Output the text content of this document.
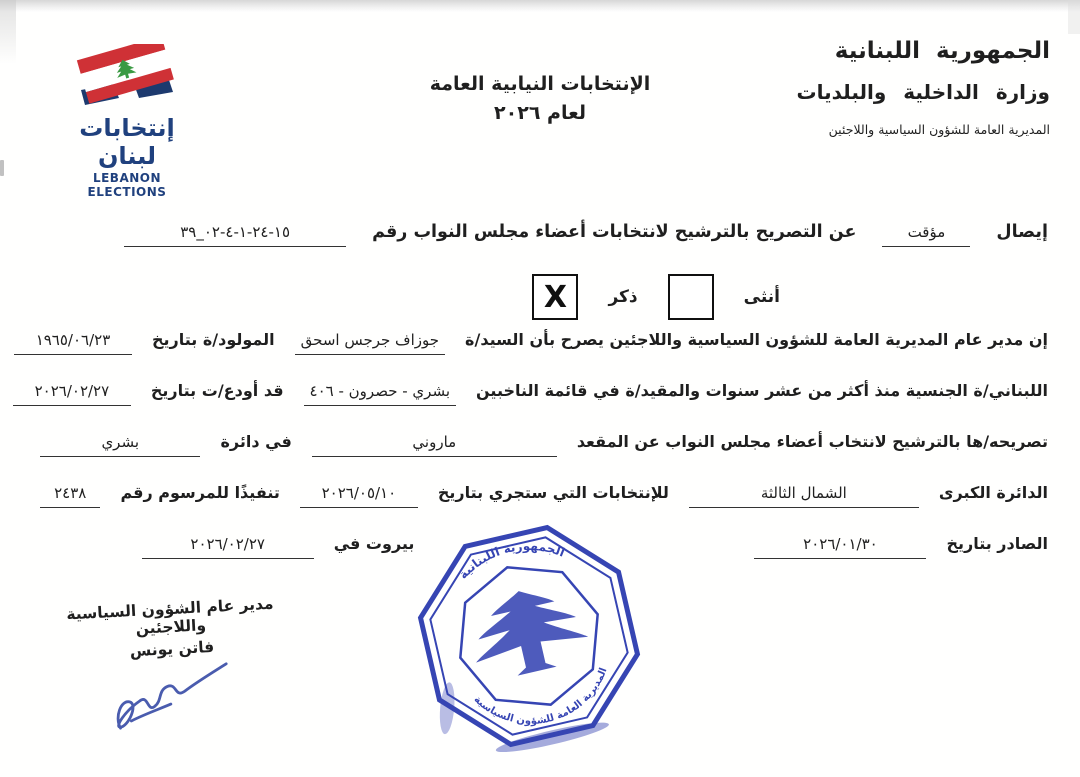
الجمهورية اللبنانية
وزارة الداخلية والبلديات
المديرية العامة للشؤون السياسية واللاجئين
الإنتخابات النيابية العامة
لعام ٢٠٢٦
إنتخابات لبنان
LEBANON ELECTIONS
إيصال
مؤقت
عن التصريح بالترشيح لانتخابات أعضاء مجلس النواب رقم
١٥-٢٤-١-٤-٠٢_٣٩
أنثى
ذكر
X
إن مدير عام المديرية العامة للشؤون السياسية واللاجئين يصرح بأن السيد/ة
جوزاف جرجس اسحق
المولود/ة بتاريخ
١٩٦٥/٠٦/٢٣
اللبناني/ة الجنسية منذ أكثر من عشر سنوات والمقيد/ة في قائمة الناخبين
بشري - حصرون - ٤٠٦
قد أودع/ت بتاريخ
٢٠٢٦/٠٢/٢٧
تصريحه/ها بالترشيح لانتخاب أعضاء مجلس النواب عن المقعد
ماروني
في دائرة
بشري
الدائرة الكبرى
الشمال الثالثة
للإنتخابات التي ستجري بتاريخ
٢٠٢٦/٠٥/١٠
تنفيذًا للمرسوم رقم
٢٤٣٨
الصادر بتاريخ
٢٠٢٦/٠١/٣٠
بيروت في
٢٠٢٦/٠٢/٢٧
مدير عام الشؤون السياسية واللاجئين
فاتن يونس
الجمهورية اللبنانية
المديرية العامة للشؤون السياسية
